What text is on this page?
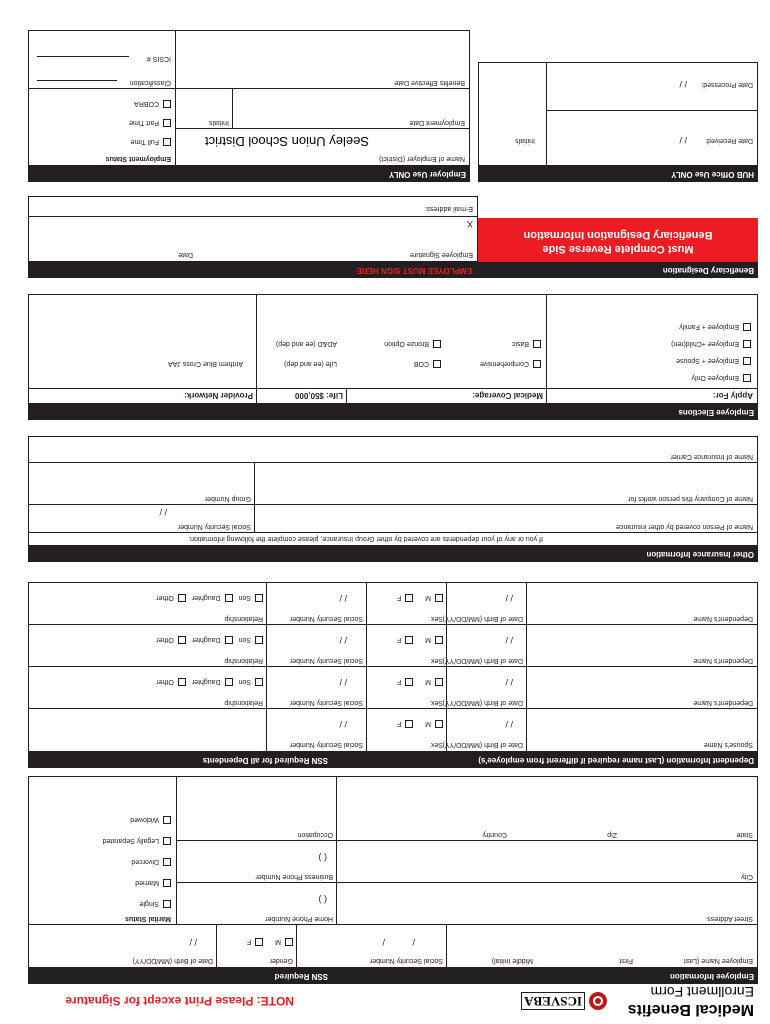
Medical Benefits
Enrollment Form
ICSVEBA
NOTE: Please Print except for Signature
Employee Information
SSN Required
Employee Name (Last
First
Middle Initial)
Social Security Number
/
/
Gender
M  F
Date of Birth (MM/DD/YY)
/ /
Street Address
Home Phone Number
( )
City
Business Phone Number
( )
State
Zip
Country
Occupation
Marital Status
Single
Married
Divorced
Legally Separated
Widowed
Dependent Information (Last name required if different from employee's)
SSN Required for all Dependents
Spouse's Name
Date of Birth (MM/DD/YY)
/ /
Sex
M F
Social Security Number
/ /
Dependent's Name
Date of Birth (MM/DD/YY)
/ /
Sex
M F
Social Security Number
/ /
Relationship
Son Daughter Other
Dependent's Name
Date of Birth (MM/DD/YY)
/ /
Sex
M F
Social Security Number
/ /
Relationship
Son Daughter Other
Dependent's Name
Date of Birth (MM/DD/YY)
/ /
Sex
M F
Social Security Number
/ /
Relationship
Son Daughter Other
Other Insurance Information
If you or any of your dependents are covered by other Group Insurance, please complete the following information.
Name of Person covered by other insurance
Social Security Number
/ /
Name of Company this person works for
Group Number
Name of Insurance Carrier
Employee Elections
Apply For:
Employee Only
Employee + Spouse
Employee +Child(ren)
Employee + Family
Medical Coverage:
Comprehensive
COB
Basic
Bronze Option
Life: $50,000
Life (ee and dep)
AD&D (ee and dep)
Provider Network:
Anthem Blue Cross JAA
Beneficiary Designation
Must Complete Reverse Side
Beneficiary Designation Information
EMPLOYEE MUST SIGN HERE
Employee Signature
Date
X
E-mail address:
HUB Office Use ONLY
Date Received:
/ /
Initials
Date Processed:
/ /
Employer Use ONLY
Name of Employer (District)
Seeley Union School District
Employment Date
Initials
Benefits Effective Date
Employment Status
Full Time
Part Time
COBRA
Classification
ICSIS #
